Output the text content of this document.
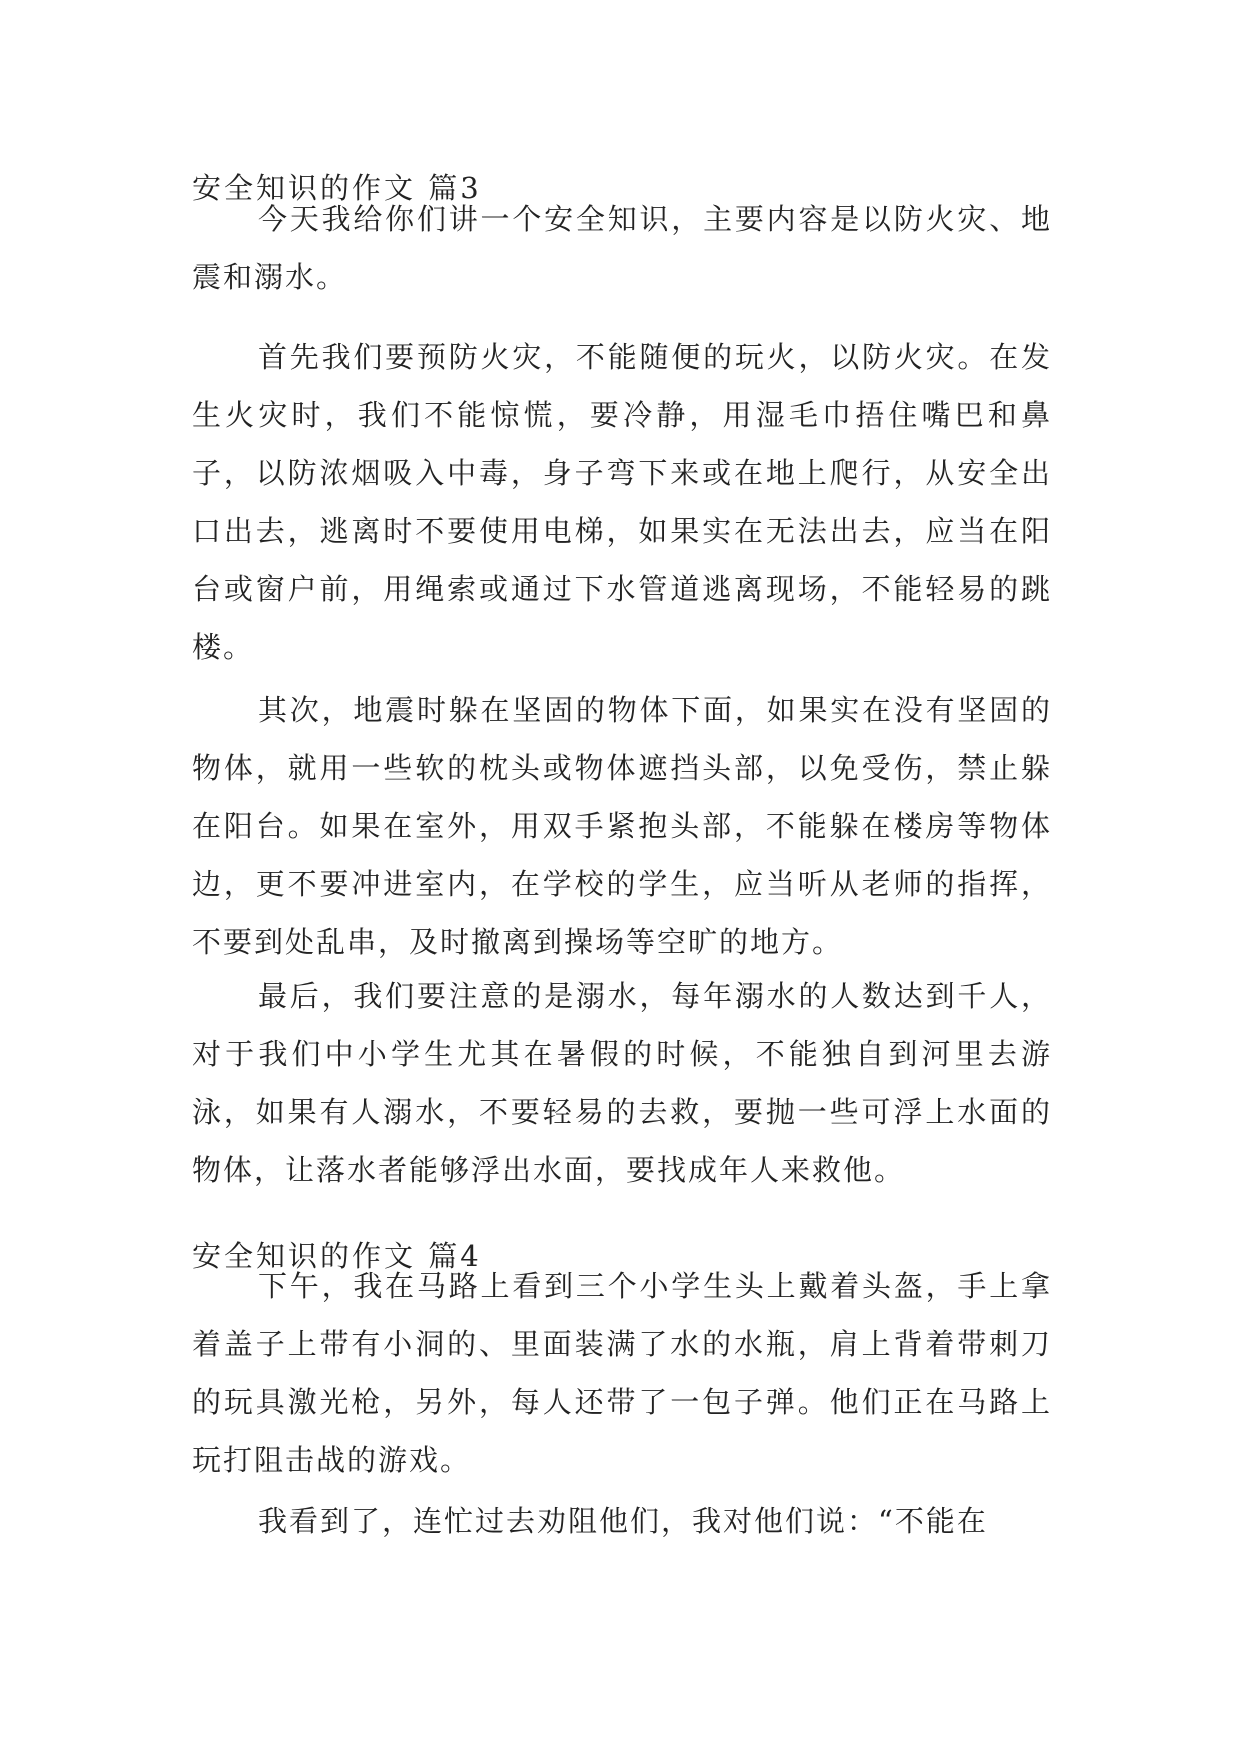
安全知识的作文 篇3

今天我给你们讲一个安全知识，主要内容是以防火灾、地震和溺水。

首先我们要预防火灾，不能随便的玩火，以防火灾。在发生火灾时，我们不能惊慌，要冷静，用湿毛巾捂住嘴巴和鼻子，以防浓烟吸入中毒，身子弯下来或在地上爬行，从安全出口出去，逃离时不要使用电梯，如果实在无法出去，应当在阳台或窗户前，用绳索或通过下水管道逃离现场，不能轻易的跳楼。

其次，地震时躲在坚固的物体下面，如果实在没有坚固的物体，就用一些软的枕头或物体遮挡头部，以免受伤，禁止躲在阳台。如果在室外，用双手紧抱头部，不能躲在楼房等物体边，更不要冲进室内，在学校的学生，应当听从老师的指挥，不要到处乱串，及时撤离到操场等空旷的地方。

最后，我们要注意的是溺水，每年溺水的人数达到千人，对于我们中小学生尤其在暑假的时候，不能独自到河里去游泳，如果有人溺水，不要轻易的去救，要抛一些可浮上水面的物体，让落水者能够浮出水面，要找成年人来救他。

安全知识的作文 篇4

下午，我在马路上看到三个小学生头上戴着头盔，手上拿着盖子上带有小洞的、里面装满了水的水瓶，肩上背着带刺刀的玩具激光枪，另外，每人还带了一包子弹。他们正在马路上玩打阻击战的游戏。

我看到了，连忙过去劝阻他们，我对他们说：“不能在
